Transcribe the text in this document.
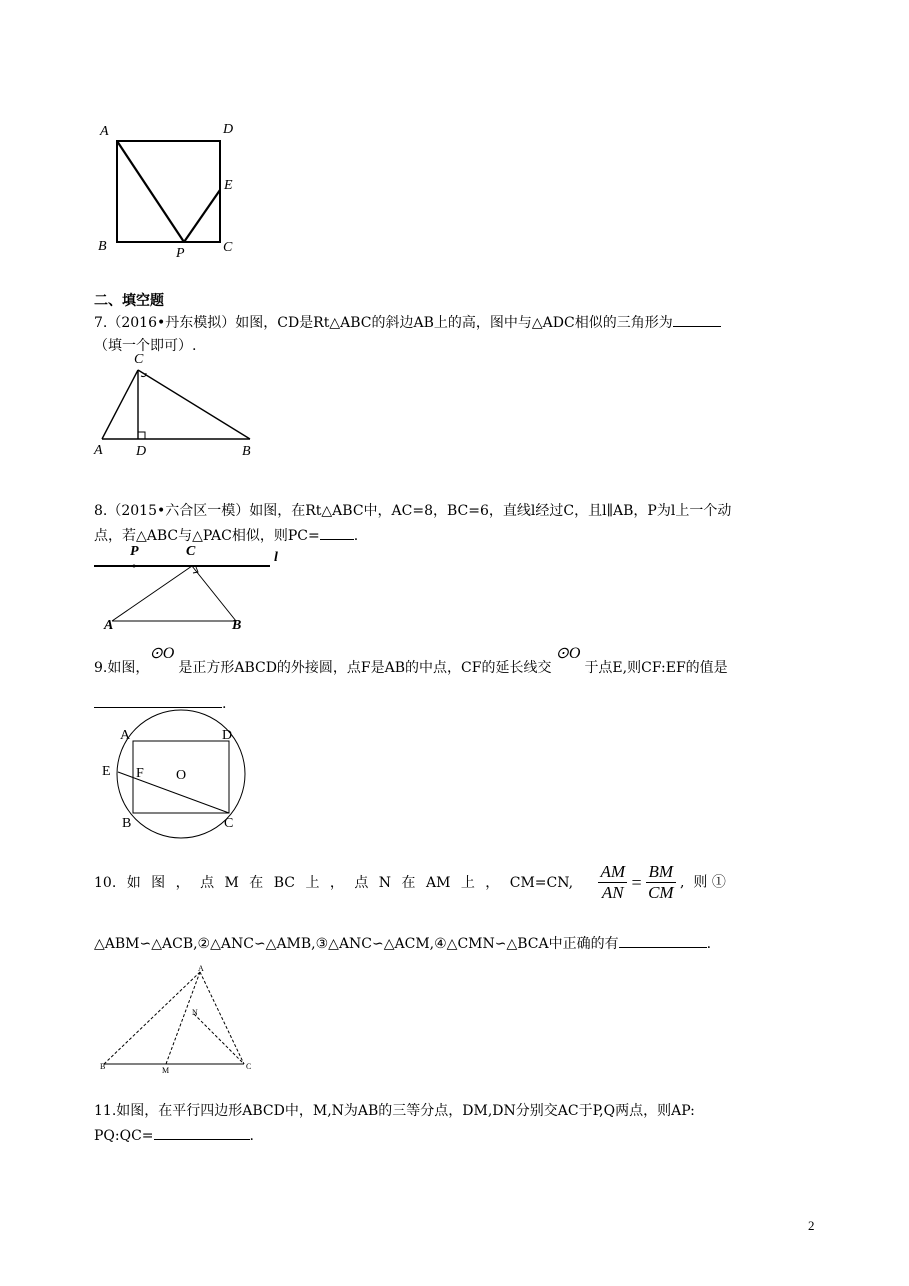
A	D
E
B	P	C
二、填空题
7.（2016•丹东模拟）如图，CD是Rt△ABC的斜边AB上的高，图中与△ADC相似的三角形为
（填一个即可）.
C
A D	B
8.（2015•六合区一模）如图，在Rt△ABC中，AC=8，BC=6，直线l经过C，且l∥AB，P为l上一个动
点，若△ABC与△PAC相似，则PC= .
P	C	l
A	B
9.如图，⊙O是正方形ABCD的外接圆，点F是AB的中点，CF的延长线交⊙O于点E,则CF:EF的值是
.
A	D
E F O
B	C
10. 如 图 ， 点 M 在 BC 上 ， 点 N 在 AM 上 ， CM=CN, $\frac{AM}{AN} = \frac{BM}{CM}$ ,  则 ①
△ABM∽△ACB,②△ANC∽△AMB,③△ANC∽△ACM,④△CMN∽△BCA中正确的有	.
A
N
B	M	C
11.如图，在平行四边形ABCD中，M,N为AB的三等分点，DM,DN分别交AC于P,Q两点，则AP:
PQ:QC=	.
2
